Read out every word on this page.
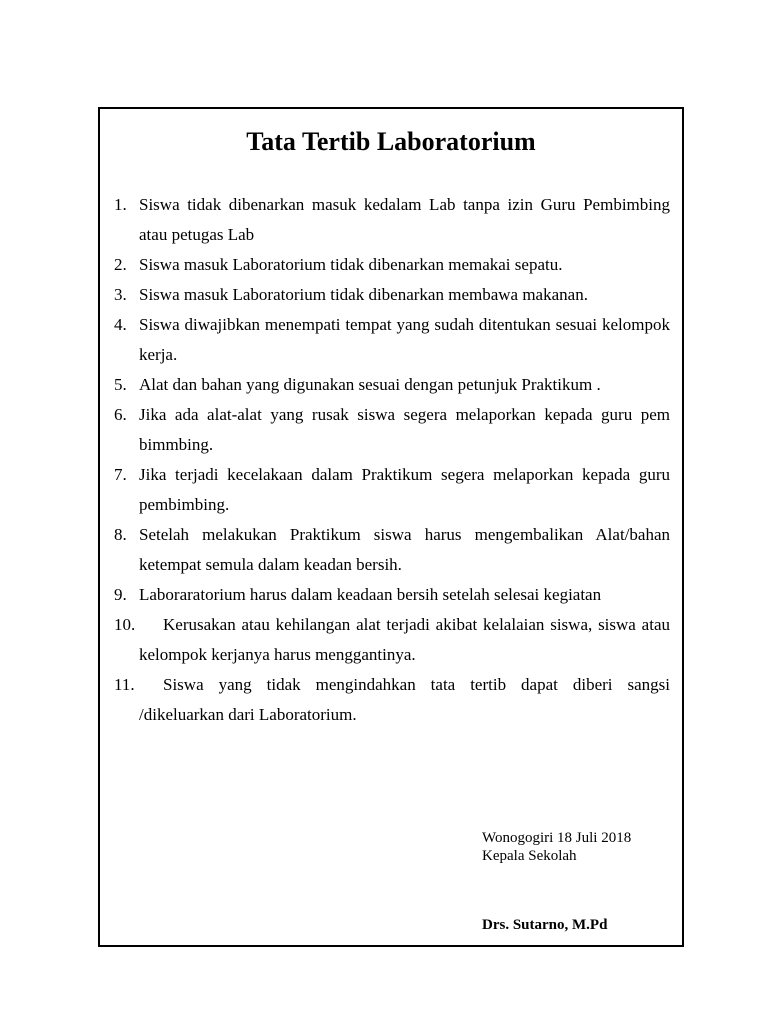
Tata Tertib Laboratorium
1. Siswa tidak dibenarkan masuk kedalam Lab tanpa izin Guru Pembimbing atau petugas Lab
2. Siswa masuk Laboratorium tidak dibenarkan memakai sepatu.
3. Siswa masuk Laboratorium tidak dibenarkan membawa makanan.
4. Siswa diwajibkan menempati tempat yang sudah ditentukan sesuai kelompok kerja.
5. Alat dan bahan yang digunakan sesuai dengan petunjuk Praktikum .
6. Jika ada alat-alat yang rusak siswa segera melaporkan kepada guru pem bimmbing.
7. Jika terjadi kecelakaan dalam Praktikum segera melaporkan kepada guru pembimbing.
8. Setelah melakukan Praktikum siswa harus mengembalikan Alat/bahan ketempat semula dalam keadan bersih.
9. Laboraratorium harus dalam keadaan bersih setelah selesai kegiatan
10.	Kerusakan atau kehilangan alat terjadi akibat kelalaian siswa, siswa atau kelompok kerjanya harus menggantinya.
11.	Siswa yang tidak mengindahkan tata tertib dapat diberi sangsi /dikeluarkan dari Laboratorium.

Wonogogiri 18 Juli 2018

Kepala Sekolah

Drs. Sutarno, M.Pd
